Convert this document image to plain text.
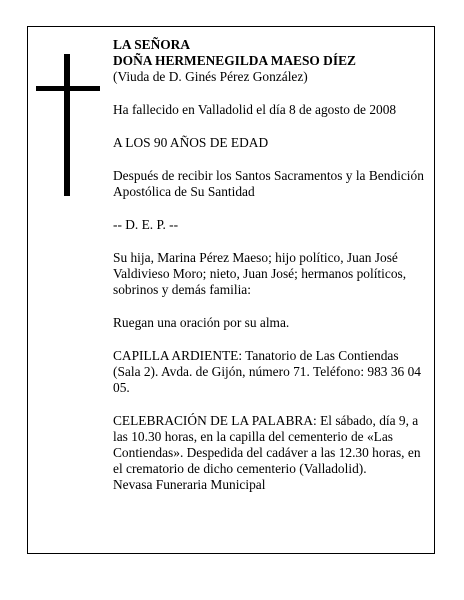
LA SEÑORA

DOÑA HERMENEGILDA MAESO DÍEZ

(Viuda de D. Ginés Pérez González)

Ha fallecido en Valladolid el día 8 de agosto de 2008

A LOS 90 AÑOS DE EDAD

Después de recibir los Santos Sacramentos y la Bendición Apostólica de Su Santidad

-- D. E. P. --

Su hija, Marina Pérez Maeso; hijo político, Juan José Valdivieso Moro; nieto, Juan José; hermanos políticos, sobrinos y demás familia:

Ruegan una oración por su alma.

CAPILLA ARDIENTE: Tanatorio de Las Contiendas (Sala 2). Avda. de Gijón, número 71. Teléfono: 983 36 04 05.

CELEBRACIÓN DE LA PALABRA: El sábado, día 9, a las 10.30 horas, en la capilla del cementerio de «Las Contiendas». Despedida del cadáver a las 12.30 horas, en el crematorio de dicho cementerio (Valladolid).

Nevasa Funeraria Municipal
